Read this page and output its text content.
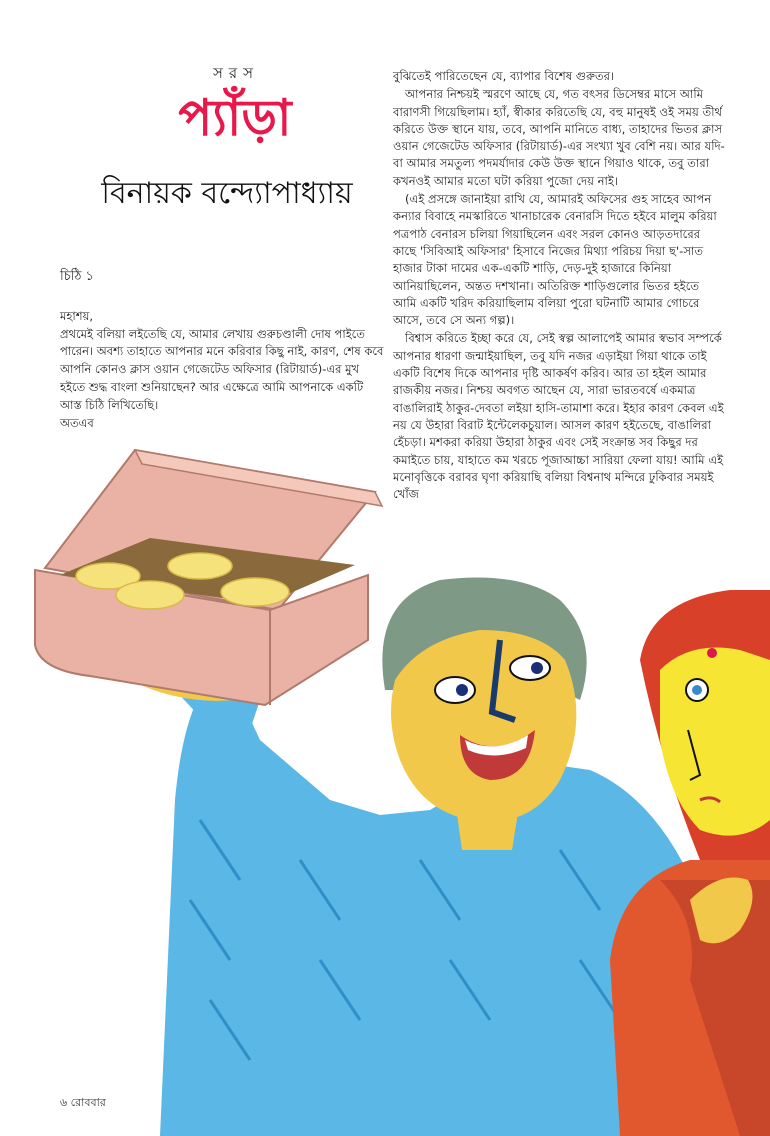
সরস
প্যাঁড়া
বিনায়ক বন্দ্যোপাধ্যায়
চিঠি ১

মহাশয়,

প্রথমেই বলিয়া লইতেছি যে, আমার লেখায় গুরুচণ্ডালী দোষ পাইতে পারেন। অবশ্য তাহাতে আপনার মনে করিবার কিছু নাই, কারণ, শেষ কবে আপনি কোনও ক্লাস ওয়ান গেজেটেড অফিসার (রিটায়ার্ড)-এর মুখ হইতে শুদ্ধ বাংলা শুনিয়াছেন? আর এক্ষেত্রে আমি আপনাকে একটি আস্ত চিঠি লিখিতেছি।

অতএব

বুঝিতেই পারিতেছেন যে, ব্যাপার বিশেষ গুরুতর।

আপনার নিশ্চয়ই স্মরণে আছে যে, গত বৎসর ডিসেম্বর মাসে আমি বারাণসী গিয়েছিলাম। হ্যাঁ, স্বীকার করিতেছি যে, বহু মানুষই ওই সময় তীর্থ করিতে উক্ত স্থানে যায়, তবে, আপনি মানিতে বাধ্য, তাহাদের ভিতর ক্লাস ওয়ান গেজেটেড অফিসার (রিটায়ার্ড)-এর সংখ্যা খুব বেশি নয়। আর যদি-বা আমার সমতুল্য পদমর্যাদার কেউ উক্ত স্থানে গিয়াও থাকে, তবু তারা কখনওই আমার মতো ঘটা করিয়া পুজো দেয় নাই।

(এই প্রসঙ্গে জানাইয়া রাখি যে, আমারই অফিসের গুহ সাহেব আপন কন্যার বিবাহে নমস্কারিতে খানাচারেক বেনারসি দিতে হইবে মালুম করিয়া পত্রপাঠ বেনারস চলিয়া গিয়াছিলেন এবং সরল কোনও আড়তদারের কাছে 'সিবিআই অফিসার' হিসাবে নিজের মিথ্যা পরিচয় দিয়া ছ'-সাত হাজার টাকা দামের এক-একটি শাড়ি, দেড়-দুই হাজারে কিনিয়া আনিয়াছিলেন, অন্তত দশখানা। অতিরিক্ত শাড়িগুলোর ভিতর হইতে আমি একটি খরিদ করিয়াছিলাম বলিয়া পুরো ঘটনাটি আমার গোচরে আসে, তবে সে অন্য গল্প)।

বিশ্বাস করিতে ইচ্ছা করে যে, সেই স্বল্প আলাপেই আমার স্বভাব সম্পর্কে আপনার ধারণা জন্মাইয়াছিল, তবু যদি নজর এড়াইয়া গিয়া থাকে তাই একটি বিশেষ দিকে আপনার দৃষ্টি আকর্ষণ করিব। আর তা হইল আমার রাজকীয় নজর। নিশ্চয় অবগত আছেন যে, সারা ভারতবর্ষে একমাত্র বাঙালিরাই ঠাকুর-দেবতা লইয়া হাসি-তামাশা করে। ইহার কারণ কেবল এই নয় যে উহারা বিরাট ইন্টেলেকচুয়াল। আসল কারণ হইতেছে, বাঙালিরা হেঁচড়া। মশকরা করিয়া উহারা ঠাকুর এবং সেই সংক্রান্ত সব কিছুর দর কমাইতে চায়, যাহাতে কম খরচে পূজাআচ্চা সারিয়া ফেলা যায়! আমি এই মনোবৃত্তিকে বরাবর ঘৃণা করিয়াছি বলিয়া বিশ্বনাথ মন্দিরে ঢুকিবার সময়ই খোঁজ

৬ রোববার
